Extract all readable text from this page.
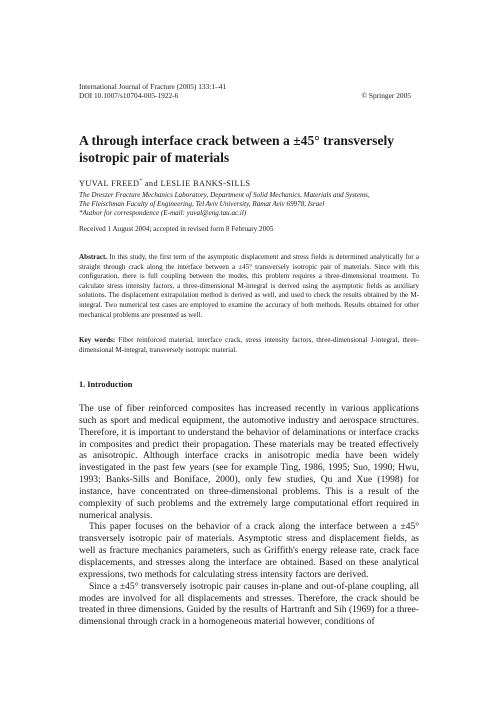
International Journal of Fracture (2005) 133:1–41
DOI 10.1007/s10704-005-1922-6	© Springer 2005
A through interface crack between a ±45° transversely isotropic pair of materials
YUVAL FREED* and LESLIE BANKS-SILLS
The Dreszer Fracture Mechanics Laboratory, Department of Solid Mechanics, Materials and Systems,
The Fleischman Faculty of Engineering, Tel Aviv University, Ramat Aviv 69978, Israel
*Author for correspondence (E-mail: yuval@eng.tau.ac.il)
Received 1 August 2004; accepted in revised form 8 February 2005
Abstract. In this study, the first term of the asymptotic displacement and stress fields is determined analytically for a straight through crack along the interface between a ±45° transversely isotropic pair of materials. Since with this configuration, there is full coupling between the modes, this problem requires a three-dimensional treatment. To calculate stress intensity factors, a three-dimensional M-integral is derived using the asymptotic fields as auxiliary solutions. The displacement extrapolation method is derived as well, and used to check the results obtained by the M-integral. Two numerical test cases are employed to examine the accuracy of both methods. Results obtained for other mechanical problems are presented as well.
Key words: Fiber reinforced material, interface crack, stress intensity factors, three-dimensional J-integral, three-dimensional M-integral, transversely isotropic material.
1. Introduction

The use of fiber reinforced composites has increased recently in various applications such as sport and medical equipment, the automotive industry and aerospace structures. Therefore, it is important to understand the behavior of delaminations or interface cracks in composites and predict their propagation. These materials may be treated effectively as anisotropic. Although interface cracks in anisotropic media have been widely investigated in the past few years (see for example Ting, 1986, 1995; Suo, 1990; Hwu, 1993; Banks-Sills and Boniface, 2000), only few studies, Qu and Xue (1998) for instance, have concentrated on three-dimensional problems. This is a result of the complexity of such problems and the extremely large computational effort required in numerical analysis.

This paper focuses on the behavior of a crack along the interface between a ±45° transversely isotropic pair of materials. Asymptotic stress and displacement fields, as well as fracture mechanics parameters, such as Griffith's energy release rate, crack face displacements, and stresses along the interface are obtained. Based on these analytical expressions, two methods for calculating stress intensity factors are derived.

Since a ±45° transversely isotropic pair causes in-plane and out-of-plane coupling, all modes are involved for all displacements and stresses. Therefore, the crack should be treated in three dimensions. Guided by the results of Hartranft and Sih (1969) for a three-dimensional through crack in a homogeneous material however, conditions of
